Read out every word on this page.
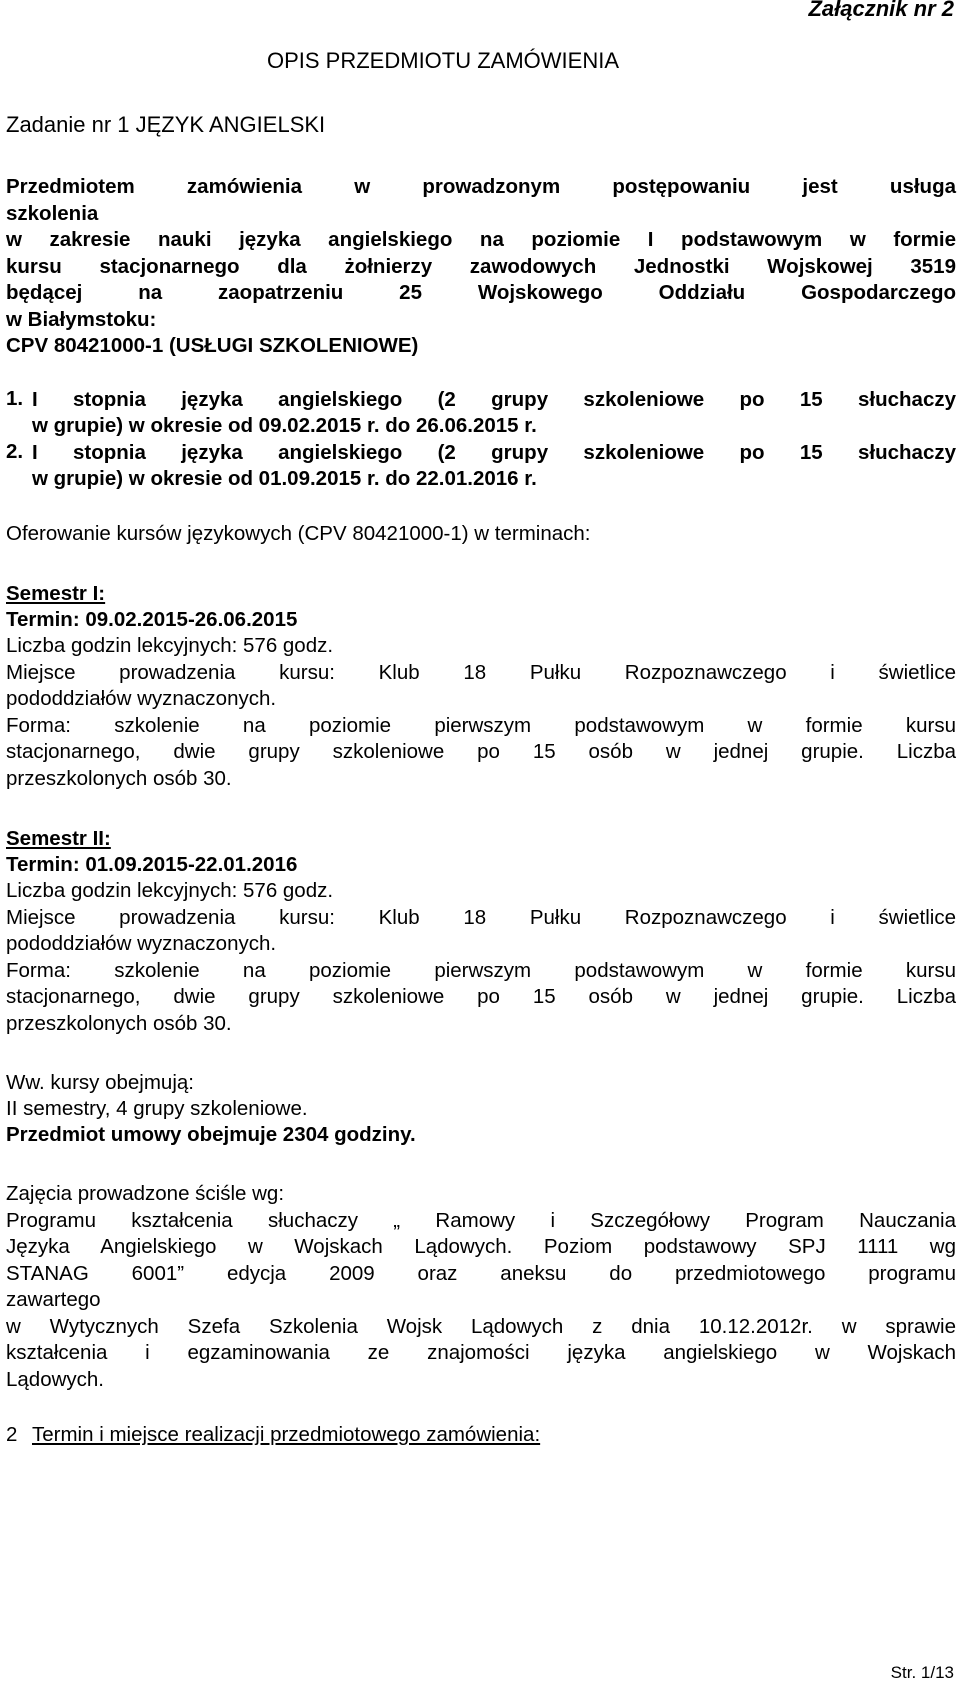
Załącznik nr 2
OPIS PRZEDMIOTU ZAMÓWIENIA
Zadanie nr 1 JĘZYK ANGIELSKI
Przedmiotem zamówienia w prowadzonym postępowaniu jest usługa
szkolenia
w zakresie nauki języka angielskiego na poziomie I podstawowym w formie
kursu stacjonarnego dla żołnierzy zawodowych Jednostki Wojskowej 3519
będącej na zaopatrzeniu 25 Wojskowego Oddziału Gospodarczego
w Białymstoku:
CPV 80421000-1 (USŁUGI SZKOLENIOWE)
1. I stopnia języka angielskiego (2 grupy szkoleniowe po 15 słuchaczy
w grupie) w okresie od 09.02.2015 r. do 26.06.2015 r.
2. I stopnia języka angielskiego (2 grupy szkoleniowe po 15 słuchaczy
w grupie) w okresie od 01.09.2015 r. do 22.01.2016 r.
Oferowanie kursów językowych (CPV 80421000-1) w terminach:
Semestr I:
Termin: 09.02.2015-26.06.2015
Liczba godzin lekcyjnych: 576 godz.
Miejsce prowadzenia kursu: Klub 18 Pułku Rozpoznawczego i świetlice
pododdziałów wyznaczonych.
Forma: szkolenie na poziomie pierwszym podstawowym w formie kursu
stacjonarnego, dwie grupy szkoleniowe po 15 osób w jednej grupie. Liczba
przeszkolonych osób 30.
Semestr II:
Termin: 01.09.2015-22.01.2016
Liczba godzin lekcyjnych: 576 godz.
Miejsce prowadzenia kursu: Klub 18 Pułku Rozpoznawczego i świetlice
pododdziałów wyznaczonych.
Forma: szkolenie na poziomie pierwszym podstawowym w formie kursu
stacjonarnego, dwie grupy szkoleniowe po 15 osób w jednej grupie. Liczba
przeszkolonych osób 30.
Ww. kursy obejmują:
II semestry, 4 grupy szkoleniowe.
Przedmiot umowy obejmuje 2304 godziny.
Zajęcia prowadzone ściśle wg:
Programu kształcenia słuchaczy „ Ramowy i Szczegółowy Program Nauczania
Języka Angielskiego w Wojskach Lądowych. Poziom podstawowy SPJ 1111 wg
STANAG 6001” edycja 2009 oraz aneksu do przedmiotowego programu
zawartego
w Wytycznych Szefa Szkolenia Wojsk Lądowych z dnia 10.12.2012r. w sprawie
kształcenia i egzaminowania ze znajomości języka angielskiego w Wojskach
Lądowych.
2 Termin i miejsce realizacji przedmiotowego zamówienia:
Str. 1/13
